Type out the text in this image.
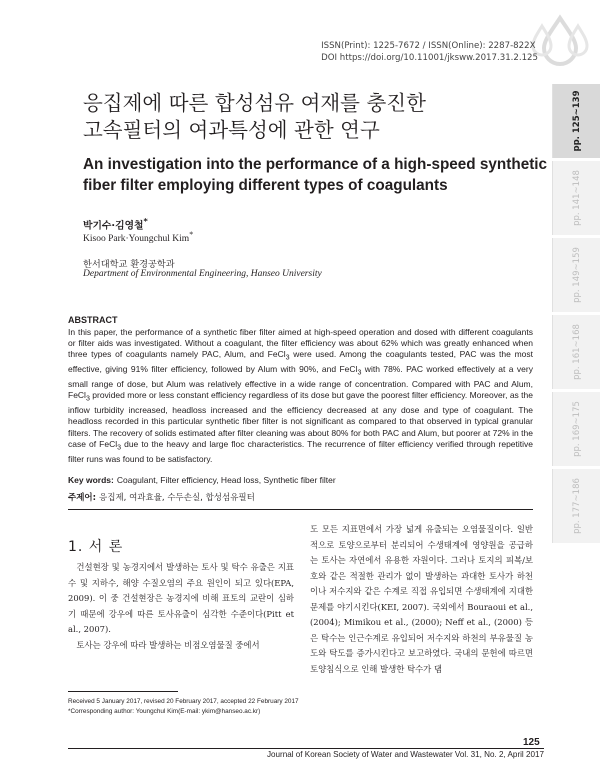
ISSN(Print): 1225-7672 / ISSN(Online): 2287-822X
DOI https://doi.org/10.11001/jksww.2017.31.2.125
pp. 125~139
pp. 141~148
pp. 149~159
pp. 161~168
pp. 169~175
pp. 177~186
응집제에 따른 합성섬유 여재를 충진한
고속필터의 여과특성에 관한 연구
An investigation into the performance of a high-speed synthetic fiber filter employing different types of coagulants
박기수·김영철*
Kisoo Park·Youngchul Kim*
한서대학교 환경공학과
Department of Environmental Engineering, Hanseo University
ABSTRACT
In this paper, the performance of a synthetic fiber filter aimed at high-speed operation and dosed with different coagulants or filter aids was investigated. Without a coagulant, the filter efficiency was about 62% which was greatly enhanced when three types of coagulants namely PAC, Alum, and FeCl$_3$ were used. Among the coagulants tested, PAC was the most effective, giving 91% filter efficiency, followed by Alum with 90%, and FeCl$_3$ with 78%. PAC worked effectively at a very small range of dose, but Alum was relatively effective in a wide range of concentration. Compared with PAC and Alum, FeCl$_3$ provided more or less constant efficiency regardless of its dose but gave the poorest filter efficiency. Moreover, as the inflow turbidity increased, headloss increased and the efficiency decreased at any dose and type of coagulant. The headloss recorded in this particular synthetic fiber filter is not significant as compared to that observed in typical granular filters. The recovery of solids estimated after filter cleaning was about 80% for both PAC and Alum, but poorer at 72% in the case of FeCl$_3$ due to the heavy and large floc characteristics. The recurrence of filter efficiency verified through repetitive filter runs was found to be satisfactory.
Key words: Coagulant, Filter efficiency, Head loss, Synthetic fiber filter
주제어: 응집제, 여과효율, 수두손실, 합성섬유필터
1. 서 론

건설현장 및 농경지에서 발생하는 토사 및 탁수 유출은 지표수 및 지하수, 해양 수질오염의 주요 원인이 되고 있다(EPA, 2009). 이 중 건설현장은 농경지에 비해 표토의 교란이 심하기 때문에 강우에 따른 토사유출이 심각한 수준이다(Pitt et al., 2007).

토사는 강우에 따라 발생하는 비점오염물질 중에서

도 모든 지표면에서 가장 넓게 유출되는 오염물질이다. 일반적으로 토양으로부터 분리되어 수생태계에 영양원을 공급하는 토사는 자연에서 유용한 자원이다. 그러나 토지의 피복/보호와 같은 적절한 관리가 없이 발생하는 과대한 토사가 하천이나 저수지와 같은 수계로 직접 유입되면 수생태계에 지대한 문제를 야기시킨다(KEI, 2007). 국외에서 Bouraoui et al., (2004); Mimikou et al., (2000); Neff et al., (2000) 등은 탁수는 인근수계로 유입되어 저수지와 하천의 부유물질 농도와 탁도를 증가시킨다고 보고하였다. 국내의 문헌에 따르면 토양침식으로 인해 발생한 탁수가 댐

Received 5 January 2017, revised 20 February 2017, accepted 22 February 2017
*Corresponding author: Youngchul Kim(E-mail: ykim@hanseo.ac.kr)
125
Journal of Korean Society of Water and Wastewater Vol. 31, No. 2, April 2017
